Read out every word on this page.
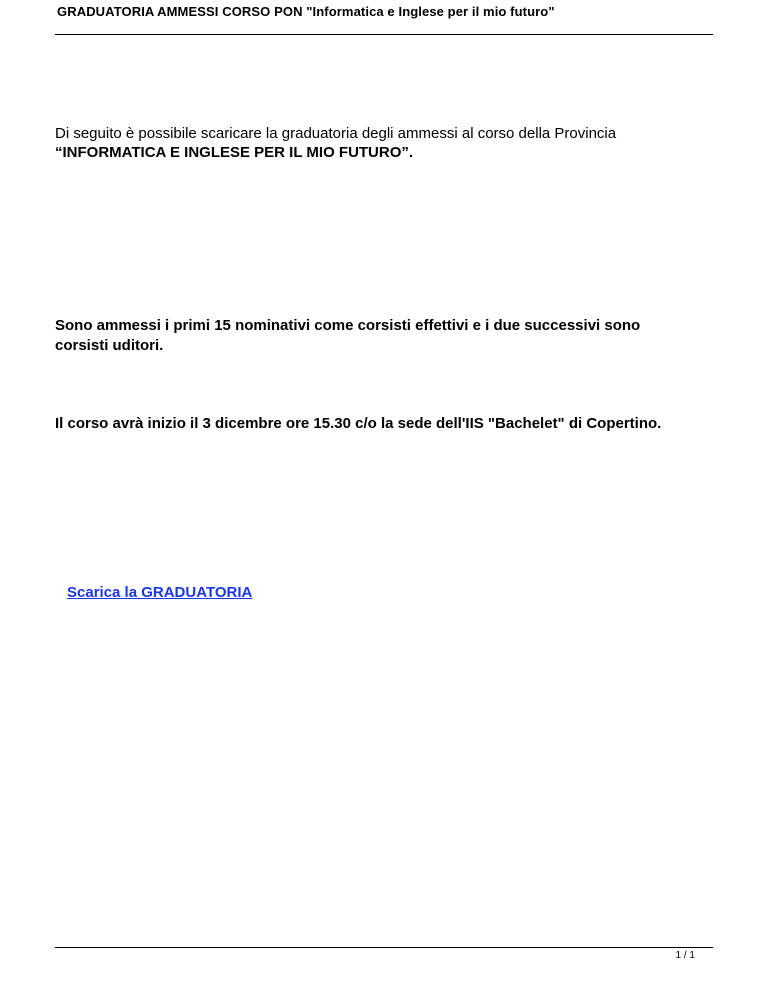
GRADUATORIA AMMESSI CORSO PON "Informatica e Inglese per il mio futuro"
Di seguito è possibile scaricare la graduatoria degli ammessi al corso della Provincia
“INFORMATICA E INGLESE PER IL MIO FUTURO”.
Sono ammessi i primi 15 nominativi come corsisti effettivi e i due successivi sono
corsisti uditori.
Il corso avrà inizio il 3 dicembre ore 15.30 c/o la sede dell'IIS "Bachelet" di Copertino.
Scarica la GRADUATORIA
1 / 1
